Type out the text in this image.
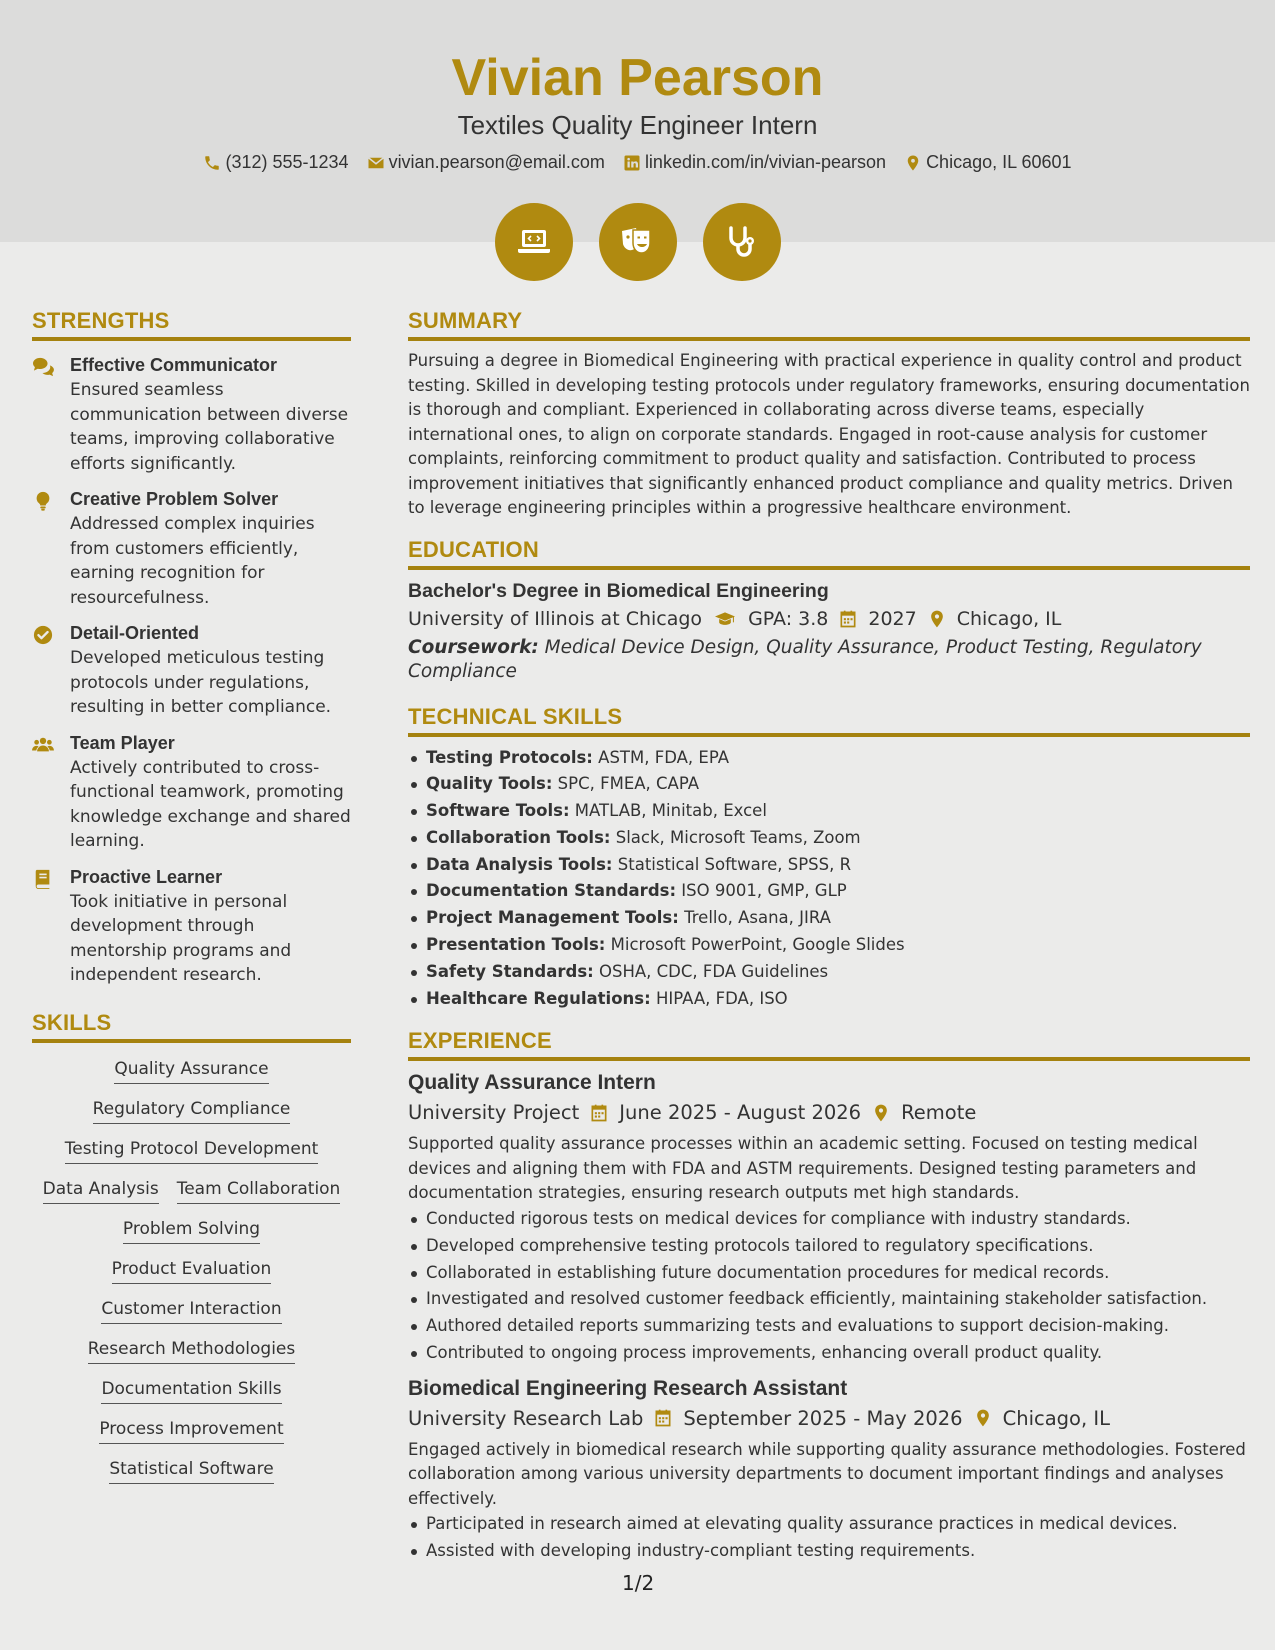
Vivian Pearson
Textiles Quality Engineer Intern
(312) 555-1234 vivian.pearson@email.com linkedin.com/in/vivian-pearson Chicago, IL 60601
STRENGTHS
Effective Communicator
Ensured seamless communication between diverse teams, improving collaborative efforts significantly.
Creative Problem Solver
Addressed complex inquiries from customers efficiently, earning recognition for resourcefulness.
Detail-Oriented
Developed meticulous testing protocols under regulations, resulting in better compliance.
Team Player
Actively contributed to cross-functional teamwork, promoting knowledge exchange and shared learning.
Proactive Learner
Took initiative in personal development through mentorship programs and independent research.
SKILLS
Quality Assurance
Regulatory Compliance
Testing Protocol Development
Data Analysis Team Collaboration
Problem Solving
Product Evaluation
Customer Interaction
Research Methodologies
Documentation Skills
Process Improvement
Statistical Software
SUMMARY
Pursuing a degree in Biomedical Engineering with practical experience in quality control and product testing. Skilled in developing testing protocols under regulatory frameworks, ensuring documentation is thorough and compliant. Experienced in collaborating across diverse teams, especially international ones, to align on corporate standards. Engaged in root-cause analysis for customer complaints, reinforcing commitment to product quality and satisfaction. Contributed to process improvement initiatives that significantly enhanced product compliance and quality metrics. Driven to leverage engineering principles within a progressive healthcare environment.
EDUCATION
Bachelor's Degree in Biomedical Engineering
University of Illinois at Chicago GPA: 3.8 2027 Chicago, IL
Coursework: Medical Device Design, Quality Assurance, Product Testing, Regulatory Compliance
TECHNICAL SKILLS
Testing Protocols: ASTM, FDA, EPA
Quality Tools: SPC, FMEA, CAPA
Software Tools: MATLAB, Minitab, Excel
Collaboration Tools: Slack, Microsoft Teams, Zoom
Data Analysis Tools: Statistical Software, SPSS, R
Documentation Standards: ISO 9001, GMP, GLP
Project Management Tools: Trello, Asana, JIRA
Presentation Tools: Microsoft PowerPoint, Google Slides
Safety Standards: OSHA, CDC, FDA Guidelines
Healthcare Regulations: HIPAA, FDA, ISO
EXPERIENCE
Quality Assurance Intern
University Project June 2025 - August 2026 Remote
Supported quality assurance processes within an academic setting. Focused on testing medical devices and aligning them with FDA and ASTM requirements. Designed testing parameters and documentation strategies, ensuring research outputs met high standards.
Conducted rigorous tests on medical devices for compliance with industry standards.
Developed comprehensive testing protocols tailored to regulatory specifications.
Collaborated in establishing future documentation procedures for medical records.
Investigated and resolved customer feedback efficiently, maintaining stakeholder satisfaction.
Authored detailed reports summarizing tests and evaluations to support decision-making.
Contributed to ongoing process improvements, enhancing overall product quality.
Biomedical Engineering Research Assistant
University Research Lab September 2025 - May 2026 Chicago, IL
Engaged actively in biomedical research while supporting quality assurance methodologies. Fostered collaboration among various university departments to document important findings and analyses effectively.
Participated in research aimed at elevating quality assurance practices in medical devices.
Assisted with developing industry-compliant testing requirements.
1/2
